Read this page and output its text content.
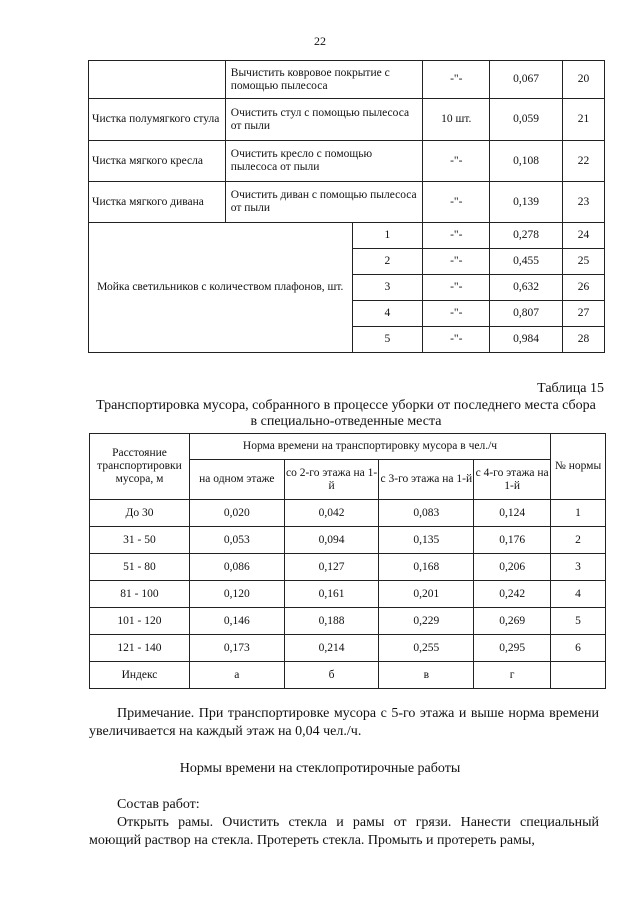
22
	Вычистить ковровое покрытие с помощью пылесоса		-"-	0,067	20
Чистка полумягкого стула	Очистить стул с помощью пылесоса от пыли		10 шт.	0,059	21
Чистка мягкого кресла	Очистить кресло с помощью пылесоса от пыли		-"-	0,108	22
Чистка мягкого дивана	Очистить диван с помощью пылесоса от пыли		-"-	0,139	23
Мойка светильников с количеством плафонов, шт.		1	-"-	0,278	24
		2	-"-	0,455	25
		3	-"-	0,632	26
		4	-"-	0,807	27
		5	-"-	0,984	28
Таблица 15
Транспортировка мусора, собранного в процессе уборки от последнего места сбора в специально-отведенные места
Расстояние транспортировки мусора, м	Норма времени на транспортировку мусора в чел./ч				№ нормы
	на одном этаже	со 2-го этажа на 1-й	с 3-го этажа на 1-й	с 4-го этажа на 1-й	
До 30	0,020	0,042	0,083	0,124	1
31 - 50	0,053	0,094	0,135	0,176	2
51 - 80	0,086	0,127	0,168	0,206	3
81 - 100	0,120	0,161	0,201	0,242	4
101 - 120	0,146	0,188	0,229	0,269	5
121 - 140	0,173	0,214	0,255	0,295	6
Индекс	а	б	в	г	

Примечание. При транспортировке мусора с 5-го этажа и выше норма времени увеличивается на каждый этаж на 0,04 чел./ч.

Нормы времени на стеклопротирочные работы

Состав работ:

Открыть рамы. Очистить стекла и рамы от грязи. Нанести специальный моющий раствор на стекла. Протереть стекла. Промыть и протереть рамы,
